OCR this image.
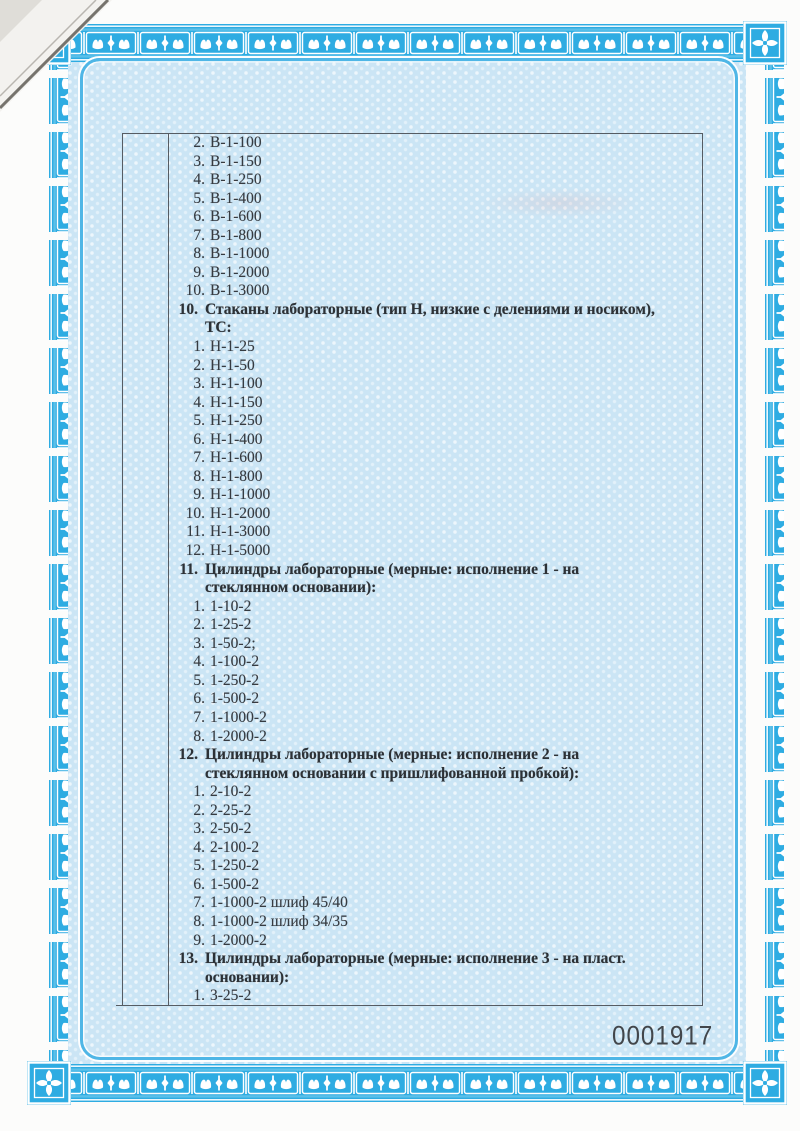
2. В-1-100
3. В-1-150
4. В-1-250
5. В-1-400
6. В-1-600
7. В-1-800
8. В-1-1000
9. В-1-2000
10. В-1-3000
10. Стаканы лабораторные (тип Н, низкие с делениями и носиком),
ТС:
1. Н-1-25
2. Н-1-50
3. Н-1-100
4. Н-1-150
5. Н-1-250
6. Н-1-400
7. Н-1-600
8. Н-1-800
9. Н-1-1000
10. Н-1-2000
11. Н-1-3000
12. Н-1-5000
11. Цилиндры лабораторные (мерные: исполнение 1 - на
стеклянном основании):
1. 1-10-2
2. 1-25-2
3. 1-50-2;
4. 1-100-2
5. 1-250-2
6. 1-500-2
7. 1-1000-2
8. 1-2000-2
12. Цилиндры лабораторные (мерные: исполнение 2 - на
стеклянном основании с пришлифованной пробкой):
1. 2-10-2
2. 2-25-2
3. 2-50-2
4. 2-100-2
5. 1-250-2
6. 1-500-2
7. 1-1000-2 шлиф 45/40
8. 1-1000-2 шлиф 34/35
9. 1-2000-2
13. Цилиндры лабораторные (мерные: исполнение 3 - на пласт.
основании):
1. 3-25-2
0001917
